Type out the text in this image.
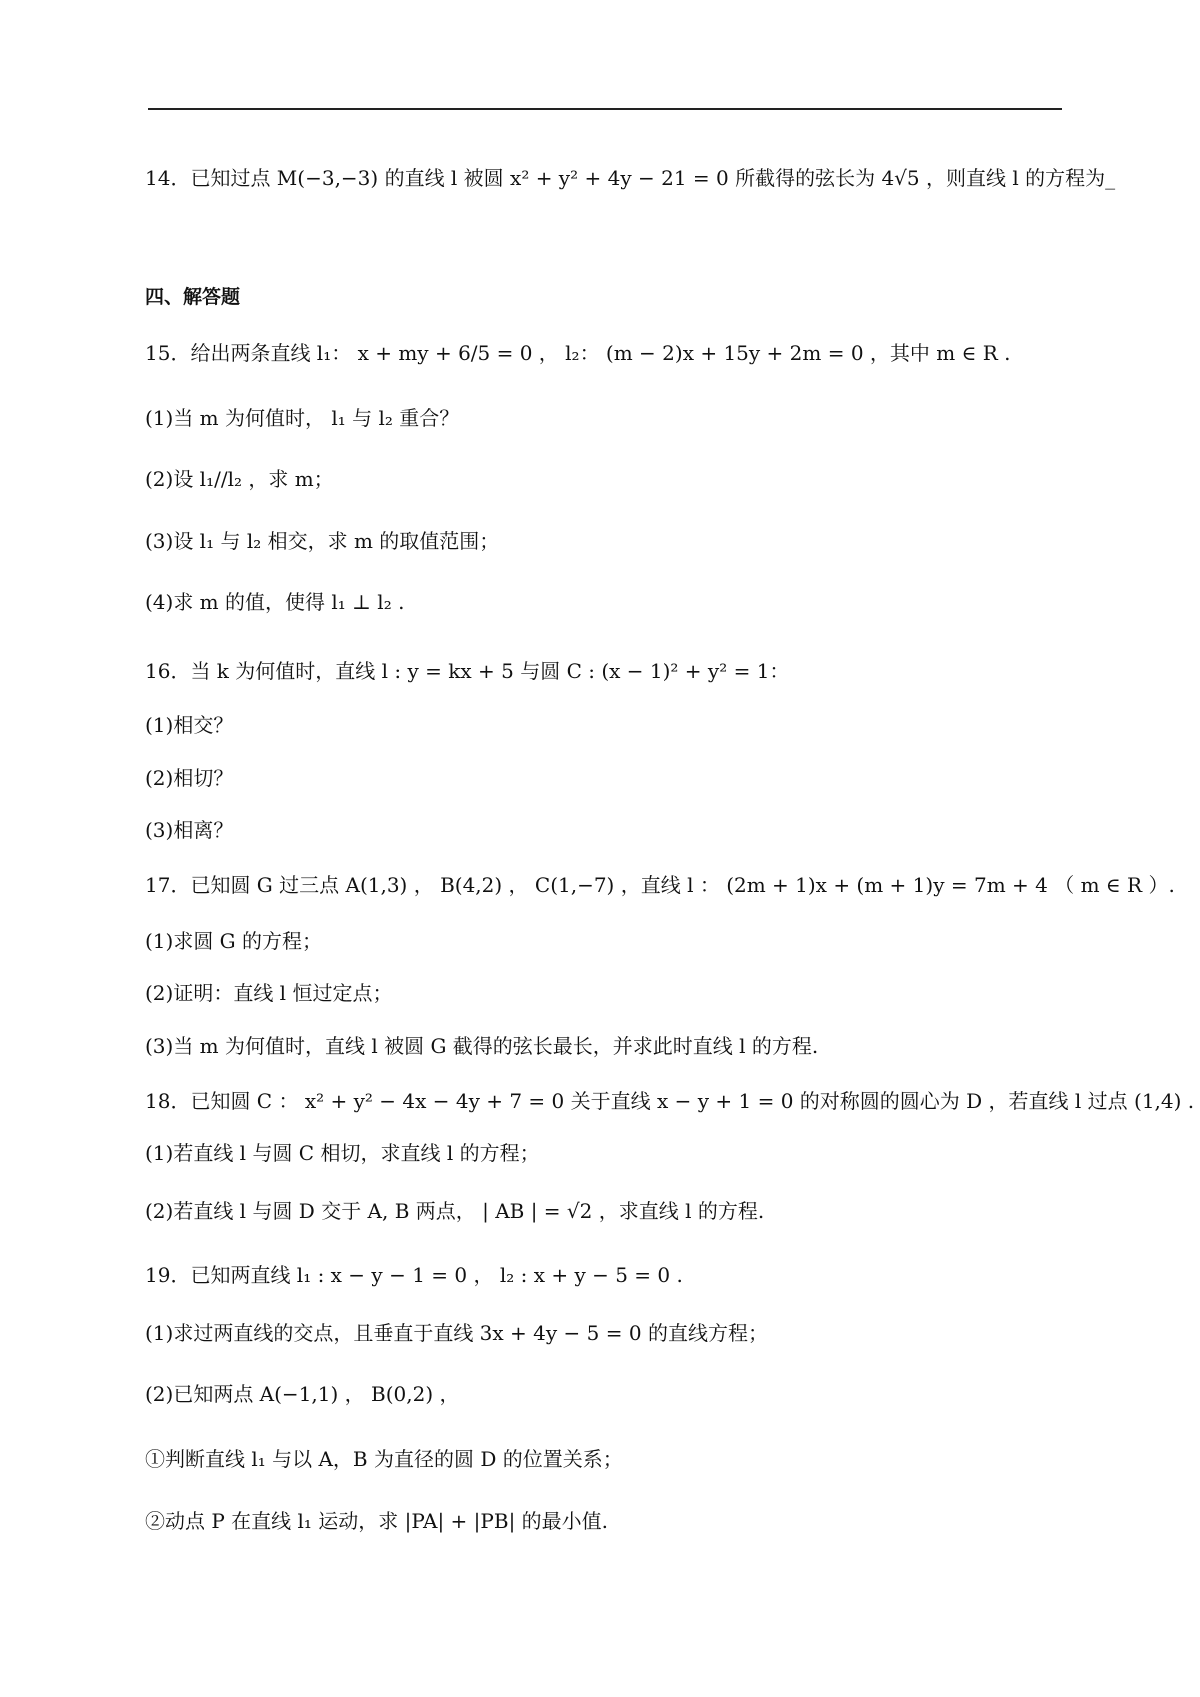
14．已知过点 M(−3,−3) 的直线 l 被圆 x² + y² + 4y − 21 = 0 所截得的弦长为 4√5 ，则直线 l 的方程为_
四、解答题
15．给出两条直线 l₁： x + my + 6/5 = 0 ， l₂： (m − 2)x + 15y + 2m = 0 ，其中 m ∈ R .
(1)当 m 为何值时， l₁ 与 l₂ 重合？
(2)设 l₁//l₂ ，求 m；
(3)设 l₁ 与 l₂ 相交，求 m 的取值范围；
(4)求 m 的值，使得 l₁ ⊥ l₂ .
16．当 k 为何值时，直线 l : y = kx + 5 与圆 C : (x − 1)² + y² = 1：
(1)相交？
(2)相切？
(3)相离？
17．已知圆 G 过三点 A(1,3) ， B(4,2) ， C(1,−7) ，直线 l ： (2m + 1)x + (m + 1)y = 7m + 4 （ m ∈ R ）.
(1)求圆 G 的方程；
(2)证明：直线 l 恒过定点；
(3)当 m 为何值时，直线 l 被圆 G 截得的弦长最长，并求此时直线 l 的方程.
18．已知圆 C ： x² + y² − 4x − 4y + 7 = 0 关于直线 x − y + 1 = 0 的对称圆的圆心为 D ，若直线 l 过点 (1,4) .
(1)若直线 l 与圆 C 相切，求直线 l 的方程；
(2)若直线 l 与圆 D 交于 A, B 两点， | AB | = √2 ，求直线 l 的方程.
19．已知两直线 l₁ : x − y − 1 = 0 ， l₂ : x + y − 5 = 0 .
(1)求过两直线的交点，且垂直于直线 3x + 4y − 5 = 0 的直线方程；
(2)已知两点 A(−1,1) ， B(0,2) ，
①判断直线 l₁ 与以 A，B 为直径的圆 D 的位置关系；
②动点 P 在直线 l₁ 运动，求 |PA| + |PB| 的最小值.
